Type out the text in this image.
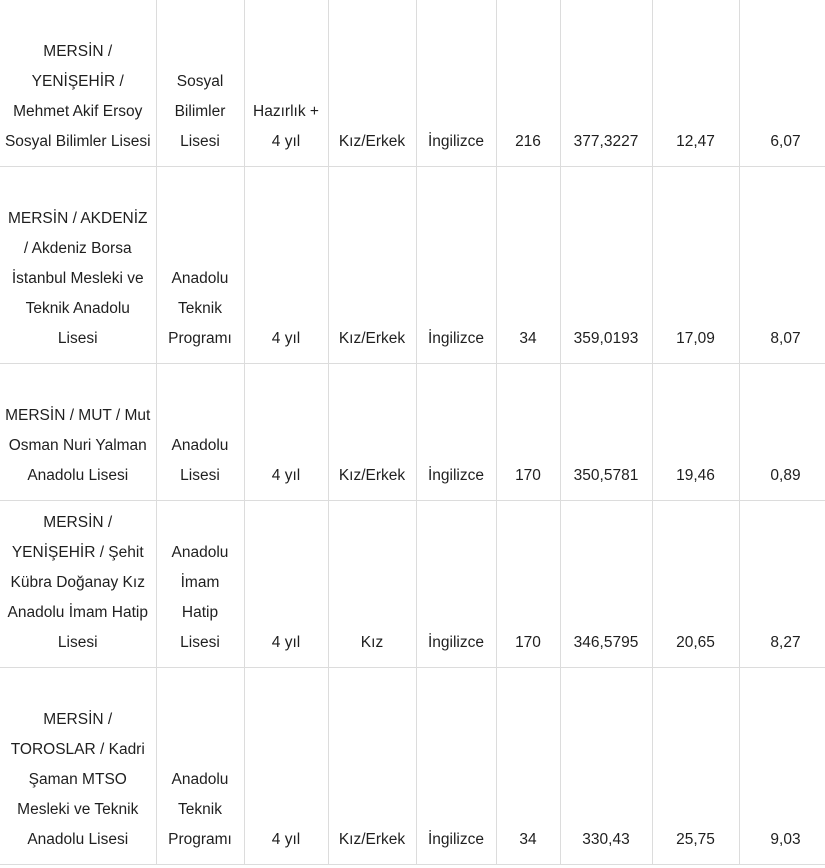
MERSİN / YENİŞEHİR / Mehmet Akif Ersoy Sosyal Bilimler Lisesi	Sosyal Bilimler Lisesi	Hazırlık + 4 yıl	Kız/Erkek	İngilizce	216	377,3227	12,47	6,07

MERSİN / AKDENİZ / Akdeniz Borsa İstanbul Mesleki ve Teknik Anadolu Lisesi	Anadolu Teknik Programı	4 yıl	Kız/Erkek	İngilizce	34	359,0193	17,09	8,07

MERSİN / MUT / Mut Osman Nuri Yalman Anadolu Lisesi	Anadolu Lisesi	4 yıl	Kız/Erkek	İngilizce	170	350,5781	19,46	0,89

MERSİN / YENİŞEHİR / Şehit Kübra Doğanay Kız Anadolu İmam Hatip Lisesi	Anadolu İmam Hatip Lisesi	4 yıl	Kız	İngilizce	170	346,5795	20,65	8,27

MERSİN / TOROSLAR / Kadri Şaman MTSO Mesleki ve Teknik Anadolu Lisesi	Anadolu Teknik Programı	4 yıl	Kız/Erkek	İngilizce	34	330,43	25,75	9,03
